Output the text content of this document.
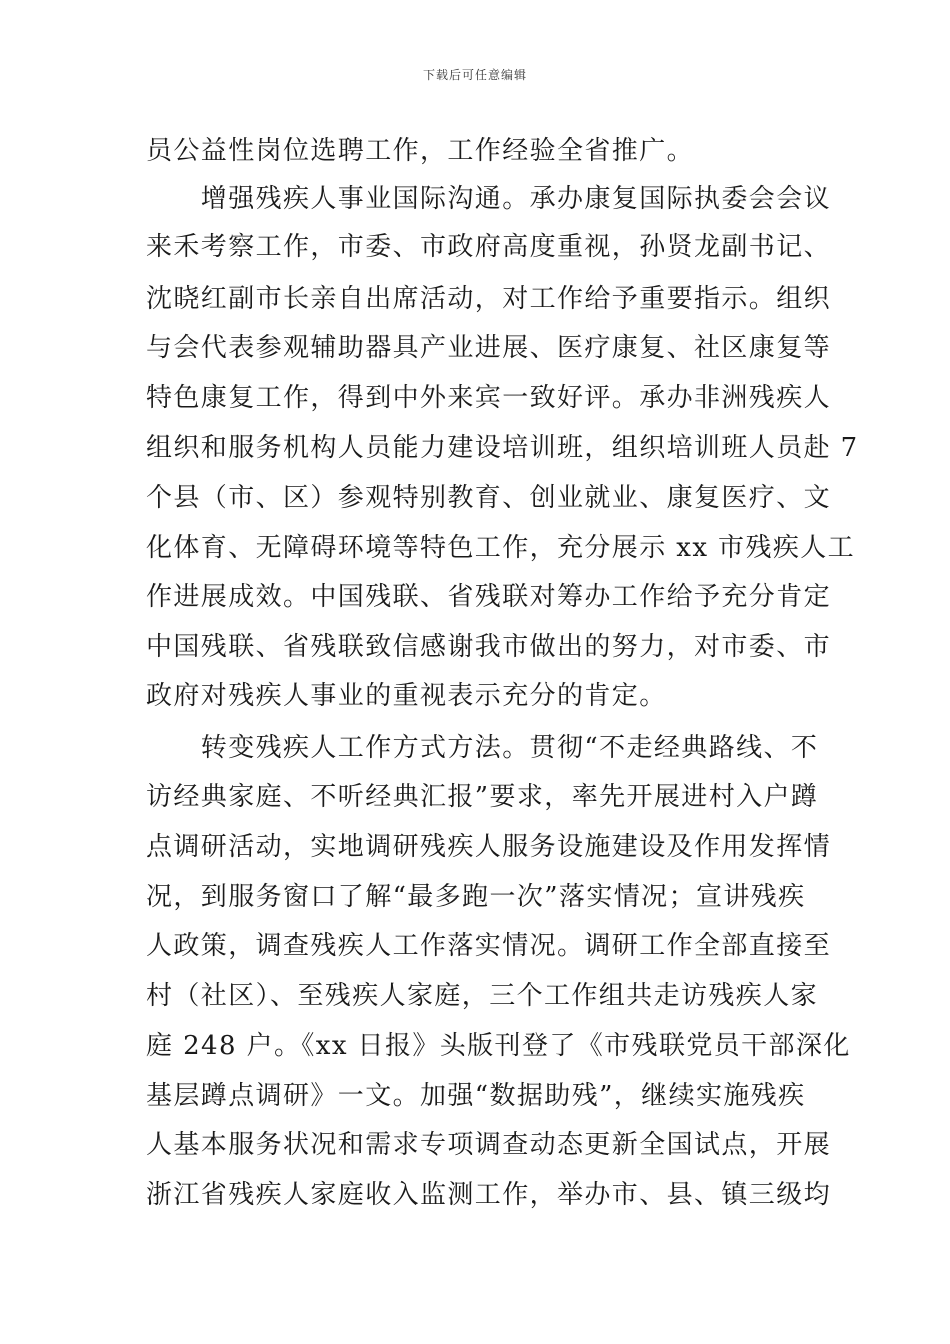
下载后可任意编辑
员公益性岗位选聘工作，工作经验全省推广。
　　增强残疾人事业国际沟通。承办康复国际执委会会议
来禾考察工作，市委、市政府高度重视，孙贤龙副书记、
沈晓红副市长亲自出席活动，对工作给予重要指示。组织
与会代表参观辅助器具产业进展、医疗康复、社区康复等
特色康复工作，得到中外来宾一致好评。承办非洲残疾人
组织和服务机构人员能力建设培训班，组织培训班人员赴 7
个县（市、区）参观特别教育、创业就业、康复医疗、文
化体育、无障碍环境等特色工作，充分展示 xx 市残疾人工
作进展成效。中国残联、省残联对筹办工作给予充分肯定
中国残联、省残联致信感谢我市做出的努力，对市委、市
政府对残疾人事业的重视表示充分的肯定。
　　转变残疾人工作方式方法。贯彻“不走经典路线、不
访经典家庭、不听经典汇报”要求，率先开展进村入户蹲
点调研活动，实地调研残疾人服务设施建设及作用发挥情
况，到服务窗口了解“最多跑一次”落实情况；宣讲残疾
人政策，调查残疾人工作落实情况。调研工作全部直接至
村（社区）、至残疾人家庭，三个工作组共走访残疾人家
庭 248 户。《xx 日报》头版刊登了《市残联党员干部深化
基层蹲点调研》一文。加强“数据助残”，继续实施残疾
人基本服务状况和需求专项调查动态更新全国试点，开展
浙江省残疾人家庭收入监测工作，举办市、县、镇三级均
